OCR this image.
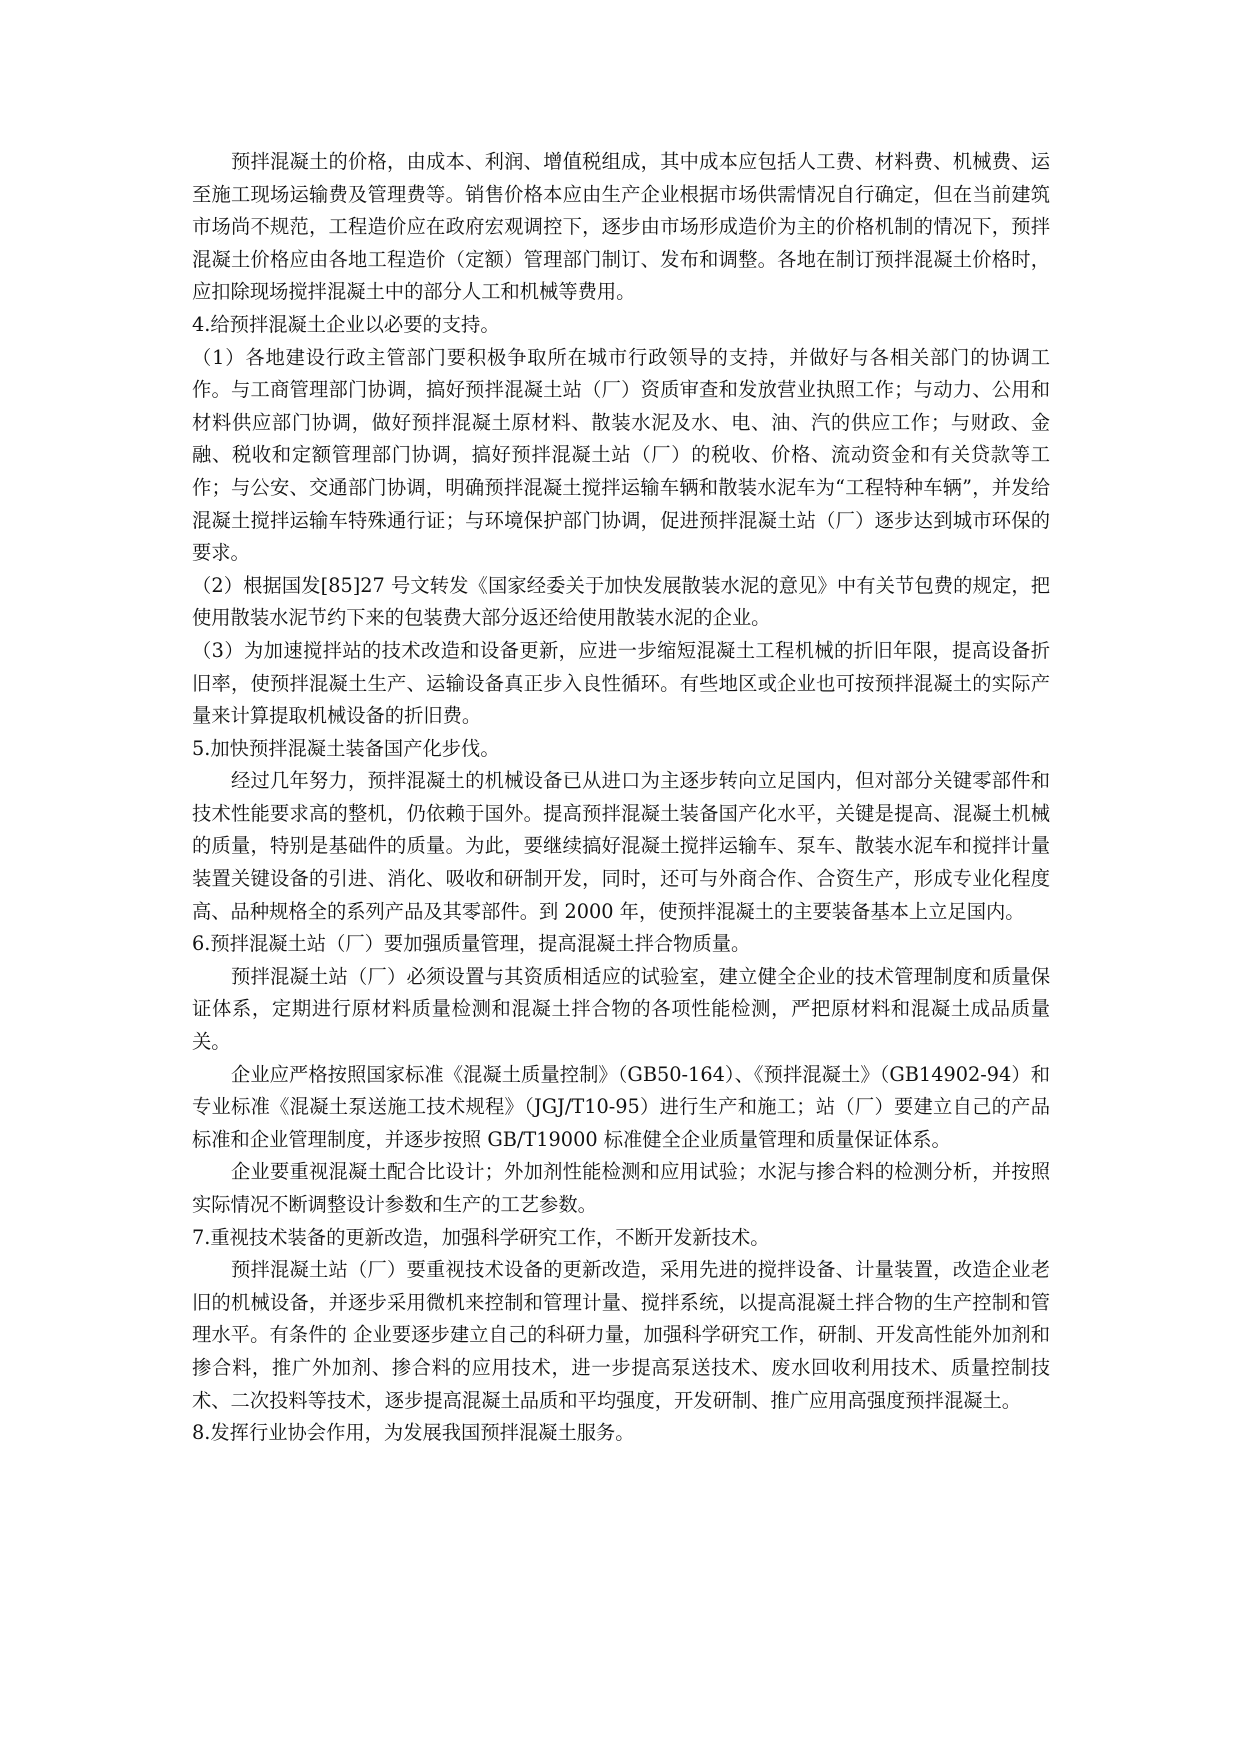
预拌混凝土的价格，由成本、利润、增值税组成，其中成本应包括人工费、材料费、机械费、运至施工现场运输费及管理费等。销售价格本应由生产企业根据市场供需情况自行确定，但在当前建筑市场尚不规范，工程造价应在政府宏观调控下，逐步由市场形成造价为主的价格机制的情况下，预拌混凝土价格应由各地工程造价（定额）管理部门制订、发布和调整。各地在制订预拌混凝土价格时，应扣除现场搅拌混凝土中的部分人工和机械等费用。

4.给预拌混凝土企业以必要的支持。

（1）各地建设行政主管部门要积极争取所在城市行政领导的支持，并做好与各相关部门的协调工作。与工商管理部门协调，搞好预拌混凝土站（厂）资质审查和发放营业执照工作；与动力、公用和材料供应部门协调，做好预拌混凝土原材料、散装水泥及水、电、油、汽的供应工作；与财政、金融、税收和定额管理部门协调，搞好预拌混凝土站（厂）的税收、价格、流动资金和有关贷款等工作；与公安、交通部门协调，明确预拌混凝土搅拌运输车辆和散装水泥车为“工程特种车辆”，并发给混凝土搅拌运输车特殊通行证；与环境保护部门协调，促进预拌混凝土站（厂）逐步达到城市环保的要求。

（2）根据国发[85]27 号文转发《国家经委关于加快发展散装水泥的意见》中有关节包费的规定，把使用散装水泥节约下来的包装费大部分返还给使用散装水泥的企业。

（3）为加速搅拌站的技术改造和设备更新，应进一步缩短混凝土工程机械的折旧年限，提高设备折旧率，使预拌混凝土生产、运输设备真正步入良性循环。有些地区或企业也可按预拌混凝土的实际产量来计算提取机械设备的折旧费。

5.加快预拌混凝土装备国产化步伐。

经过几年努力，预拌混凝土的机械设备已从进口为主逐步转向立足国内，但对部分关键零部件和技术性能要求高的整机，仍依赖于国外。提高预拌混凝土装备国产化水平，关键是提高、混凝土机械的质量，特别是基础件的质量。为此，要继续搞好混凝土搅拌运输车、泵车、散装水泥车和搅拌计量装置关键设备的引进、消化、吸收和研制开发，同时，还可与外商合作、合资生产，形成专业化程度高、品种规格全的系列产品及其零部件。到 2000 年，使预拌混凝土的主要装备基本上立足国内。

6.预拌混凝土站（厂）要加强质量管理，提高混凝土拌合物质量。

预拌混凝土站（厂）必须设置与其资质相适应的试验室，建立健全企业的技术管理制度和质量保证体系，定期进行原材料质量检测和混凝土拌合物的各项性能检测，严把原材料和混凝土成品质量关。

企业应严格按照国家标准《混凝土质量控制》（GB50-164）、《预拌混凝土》（GB14902-94）和专业标准《混凝土泵送施工技术规程》（JGJ/T10-95）进行生产和施工；站（厂）要建立自己的产品标准和企业管理制度，并逐步按照 GB/T19000 标准健全企业质量管理和质量保证体系。

企业要重视混凝土配合比设计；外加剂性能检测和应用试验；水泥与掺合料的检测分析，并按照实际情况不断调整设计参数和生产的工艺参数。

7.重视技术装备的更新改造，加强科学研究工作，不断开发新技术。

预拌混凝土站（厂）要重视技术设备的更新改造，采用先进的搅拌设备、计量装置，改造企业老旧的机械设备，并逐步采用微机来控制和管理计量、搅拌系统，以提高混凝土拌合物的生产控制和管理水平。有条件的 企业要逐步建立自己的科研力量，加强科学研究工作，研制、开发高性能外加剂和掺合料，推广外加剂、掺合料的应用技术，进一步提高泵送技术、废水回收利用技术、质量控制技术、二次投料等技术，逐步提高混凝土品质和平均强度，开发研制、推广应用高强度预拌混凝土。

8.发挥行业协会作用，为发展我国预拌混凝土服务。
